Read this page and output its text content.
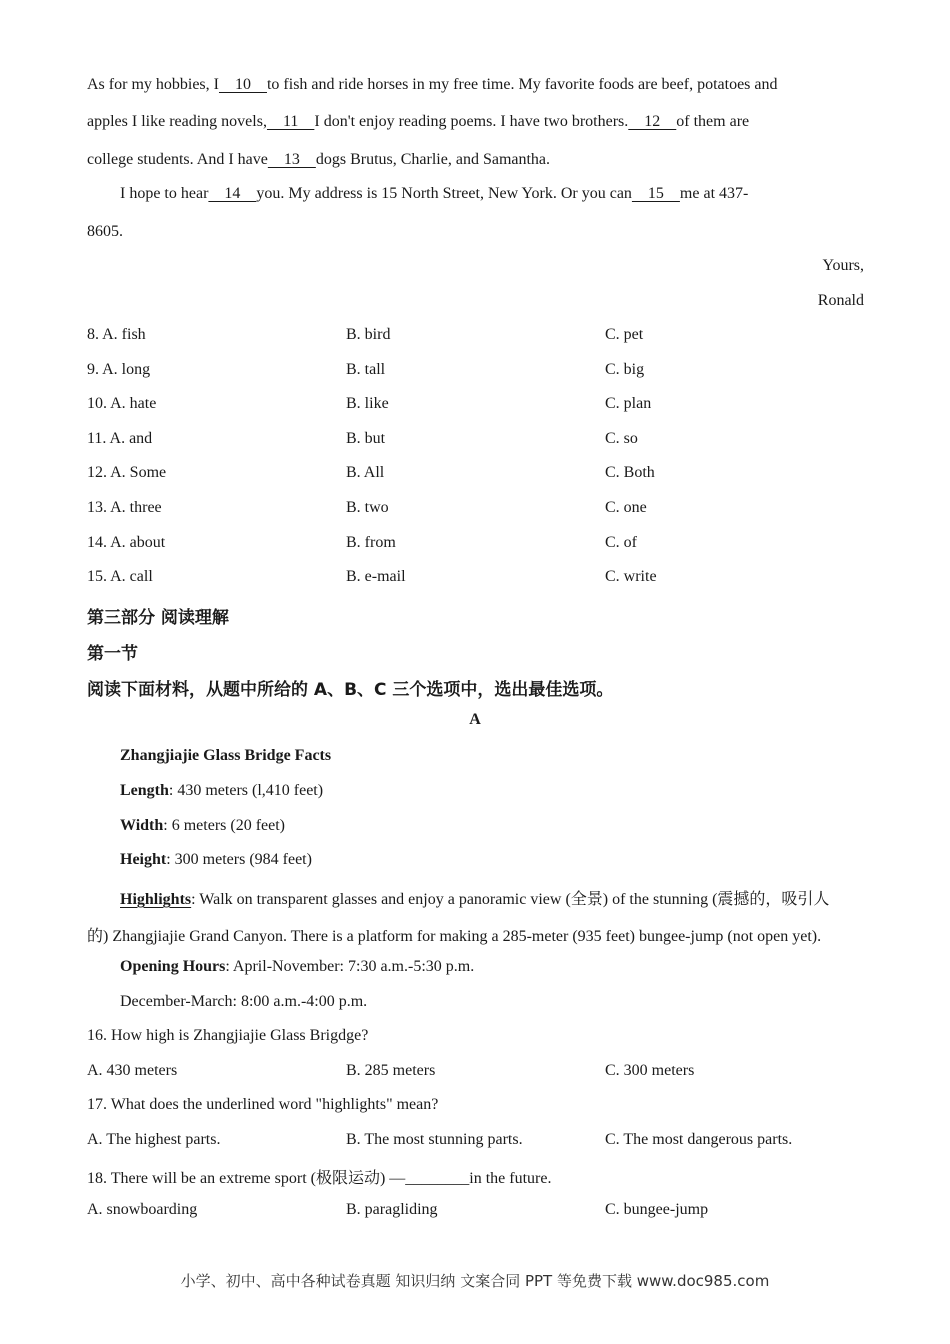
As for my hobbies, I    10    to fish and ride horses in my free time. My favorite foods are beef, potatoes and
apples I like reading novels,    11    I don't enjoy reading poems. I have two brothers.    12    of them are
college students. And I have    13    dogs Brutus, Charlie, and Samantha.
I hope to hear    14    you. My address is 15 North Street, New York. Or you can    15    me at 437-
8605.
Yours,
Ronald
8. A. fish	B. bird	C. pet
9. A. long	B. tall	C. big
10. A. hate	B. like	C. plan
11. A. and	B. but	C. so
12. A. Some	B. All	C. Both
13. A. three	B. two	C. one
14. A. about	B. from	C. of
15. A. call	B. e-mail	C. write
第三部分 阅读理解
第一节
阅读下面材料，从题中所给的 A、B、C 三个选项中，选出最佳选项。
A
Zhangjiajie Glass Bridge Facts
Length: 430 meters (l,410 feet)
Width: 6 meters (20 feet)
Height: 300 meters (984 feet)
Highlights: Walk on transparent glasses and enjoy a panoramic view (全景) of the stunning (震撼的，吸引人
的) Zhangjiajie Grand Canyon. There is a platform for making a 285-meter (935 feet) bungee-jump (not open yet).
Opening Hours: April-November: 7:30 a.m.-5:30 p.m.
December-March: 8:00 a.m.-4:00 p.m.
16. How high is Zhangjiajie Glass Brigdge?
A. 430 meters	B. 285 meters	C. 300 meters
17. What does the underlined word "highlights" mean?
A. The highest parts.	B. The most stunning parts.	C. The most dangerous parts.
18. There will be an extreme sport (极限运动) —________in the future.
A. snowboarding	B. paragliding	C. bungee-jump
小学、初中、高中各种试卷真题 知识归纳 文案合同 PPT 等免费下载 www.doc985.com
